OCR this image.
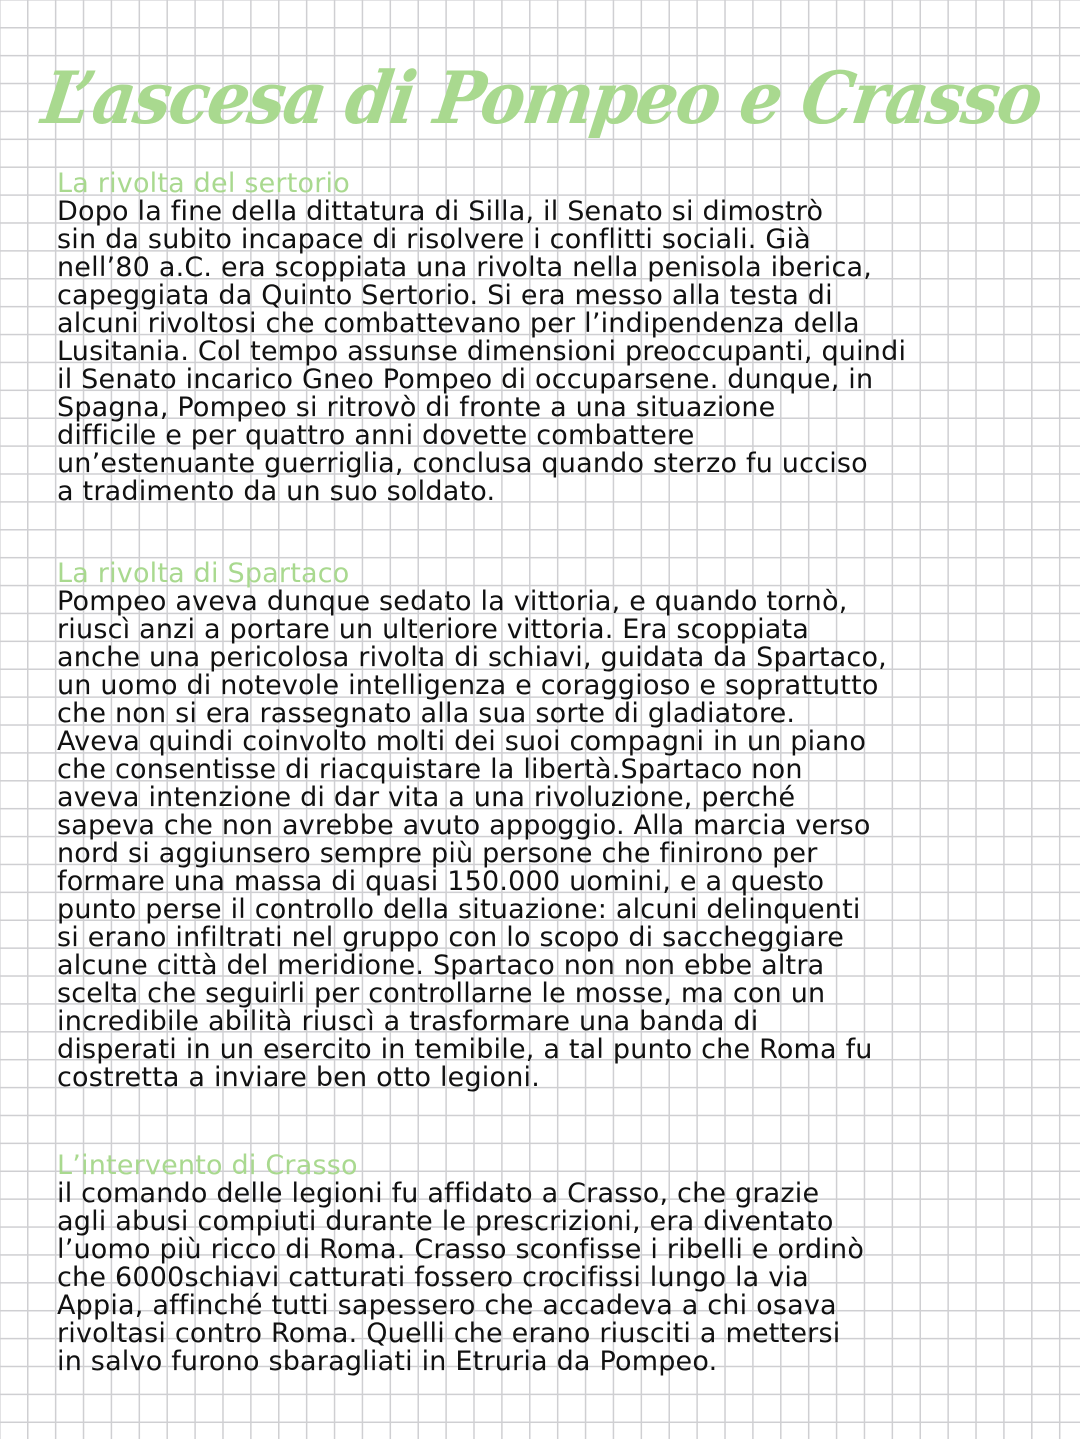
L’ascesa di Pompeo e Crasso
La rivolta del sertorio
Dopo la fine della dittatura di Silla, il Senato si dimostrò
sin da subito incapace di risolvere i conflitti sociali. Già
nell’80 a.C. era scoppiata una rivolta nella penisola iberica,
capeggiata da Quinto Sertorio. Si era messo alla testa di
alcuni rivoltosi che combattevano per l’indipendenza della
Lusitania. Col tempo assunse dimensioni preoccupanti, quindi
il Senato incarico Gneo Pompeo di occuparsene. dunque, in
Spagna, Pompeo si ritrovò di fronte a una situazione
difficile e per quattro anni dovette combattere
un’estenuante guerriglia, conclusa quando sterzo fu ucciso
a tradimento da un suo soldato.
La rivolta di Spartaco
Pompeo aveva dunque sedato la vittoria, e quando tornò,
riuscì anzi a portare un ulteriore vittoria. Era scoppiata
anche una pericolosa rivolta di schiavi, guidata da Spartaco,
un uomo di notevole intelligenza e coraggioso e soprattutto
che non si era rassegnato alla sua sorte di gladiatore.
Aveva quindi coinvolto molti dei suoi compagni in un piano
che consentisse di riacquistare la libertà.Spartaco non
aveva intenzione di dar vita a una rivoluzione, perché
sapeva che non avrebbe avuto appoggio. Alla marcia verso
nord si aggiunsero sempre più persone che finirono per
formare una massa di quasi 150.000 uomini, e a questo
punto perse il controllo della situazione: alcuni delinquenti
si erano infiltrati nel gruppo con lo scopo di saccheggiare
alcune città del meridione. Spartaco non non ebbe altra
scelta che seguirli per controllarne le mosse, ma con un
incredibile abilità riuscì a trasformare una banda di
disperati in un esercito in temibile, a tal punto che Roma fu
costretta a inviare ben otto legioni.
L’intervento di Crasso
il comando delle legioni fu affidato a Crasso, che grazie
agli abusi compiuti durante le prescrizioni, era diventato
l’uomo più ricco di Roma. Crasso sconfisse i ribelli e ordinò
che 6000schiavi catturati fossero crocifissi lungo la via
Appia, affinché tutti sapessero che accadeva a chi osava
rivoltasi contro Roma. Quelli che erano riusciti a mettersi
in salvo furono sbaragliati in Etruria da Pompeo.
